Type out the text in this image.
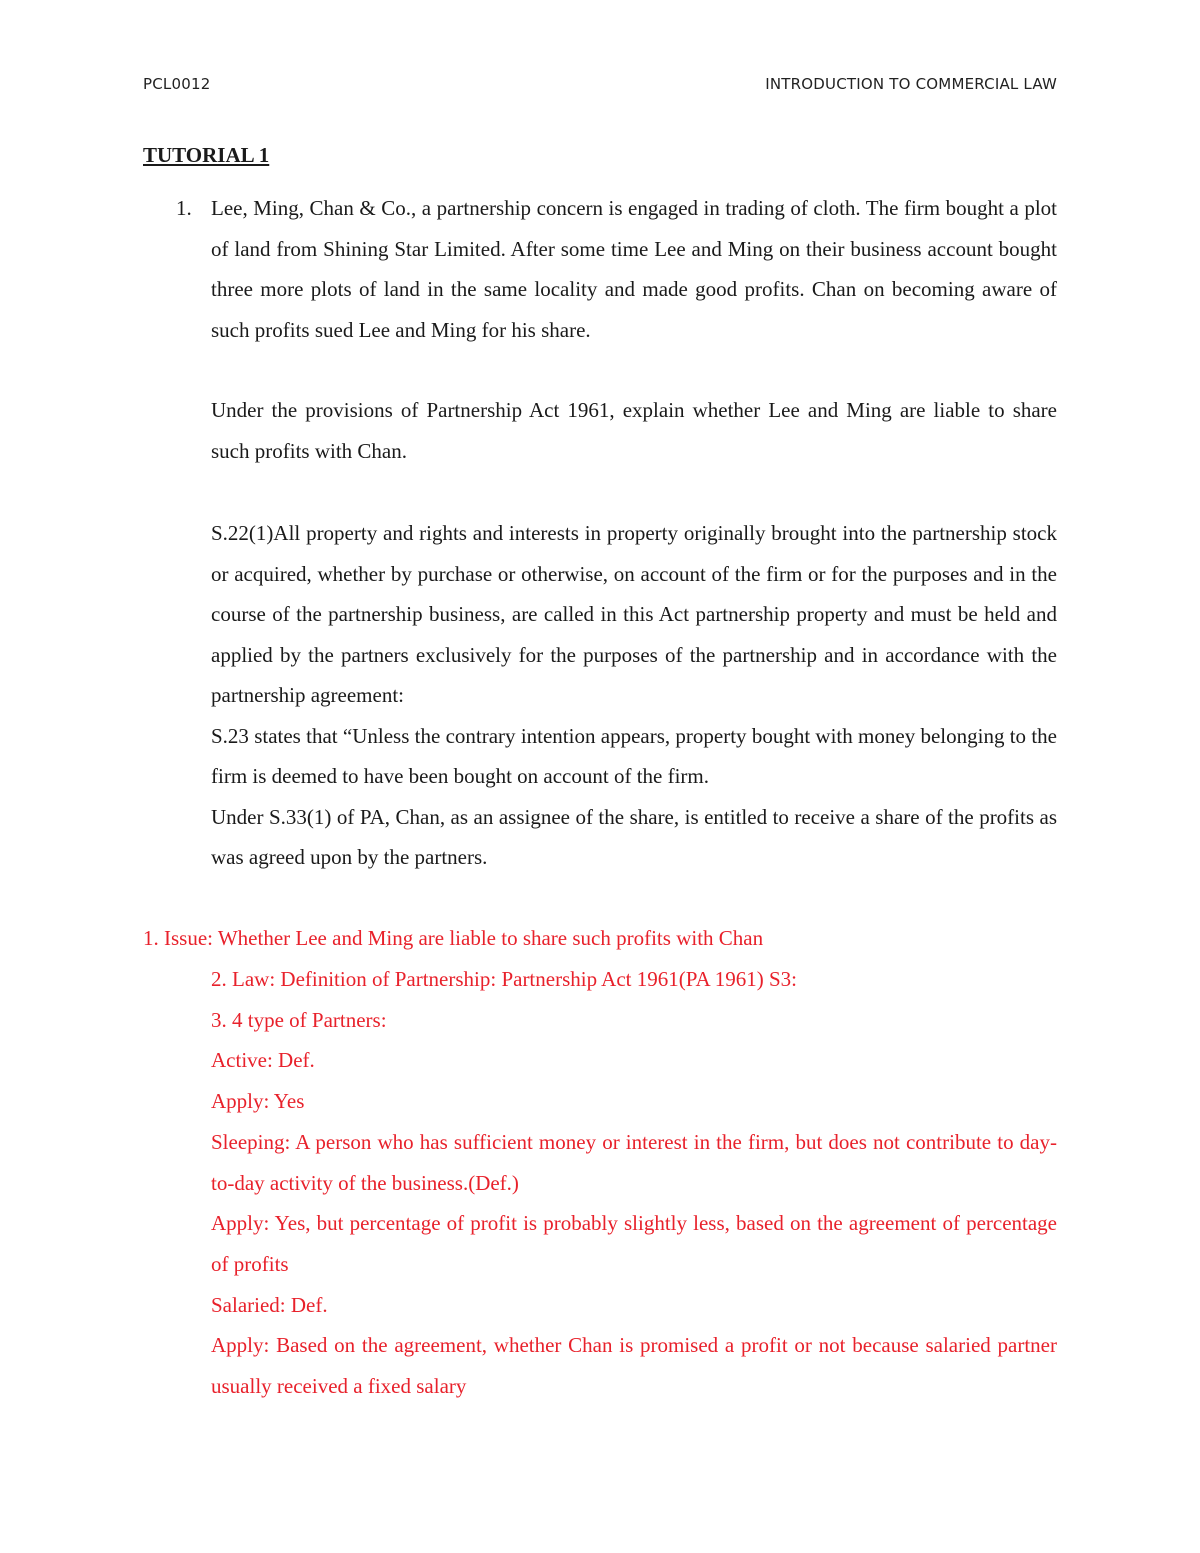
PCL0012	INTRODUCTION TO COMMERCIAL LAW
TUTORIAL 1
1. Lee, Ming, Chan & Co., a partnership concern is engaged in trading of cloth. The firm bought a plot of land from Shining Star Limited. After some time Lee and Ming on their business account bought three more plots of land in the same locality and made good profits. Chan on becoming aware of such profits sued Lee and Ming for his share.
Under the provisions of Partnership Act 1961, explain whether Lee and Ming are liable to share such profits with Chan.
S.22(1)All property and rights and interests in property originally brought into the partnership stock or acquired, whether by purchase or otherwise, on account of the firm or for the purposes and in the course of the partnership business, are called in this Act partnership property and must be held and applied by the partners exclusively for the purposes of the partnership and in accordance with the partnership agreement:
S.23 states that “Unless the contrary intention appears, property bought with money belonging to the firm is deemed to have been bought on account of the firm.
Under S.33(1) of PA, Chan, as an assignee of the share, is entitled to receive a share of the profits as was agreed upon by the partners.
1. Issue: Whether Lee and Ming are liable to share such profits with Chan
2. Law: Definition of Partnership: Partnership Act 1961(PA 1961) S3:
3. 4 type of Partners:
Active: Def.
Apply: Yes
Sleeping: A person who has sufficient money or interest in the firm, but does not contribute to day-to-day activity of the business.(Def.)
Apply: Yes, but percentage of profit is probably slightly less, based on the agreement of percentage of profits
Salaried: Def.
Apply: Based on the agreement, whether Chan is promised a profit or not because salaried partner usually received a fixed salary
